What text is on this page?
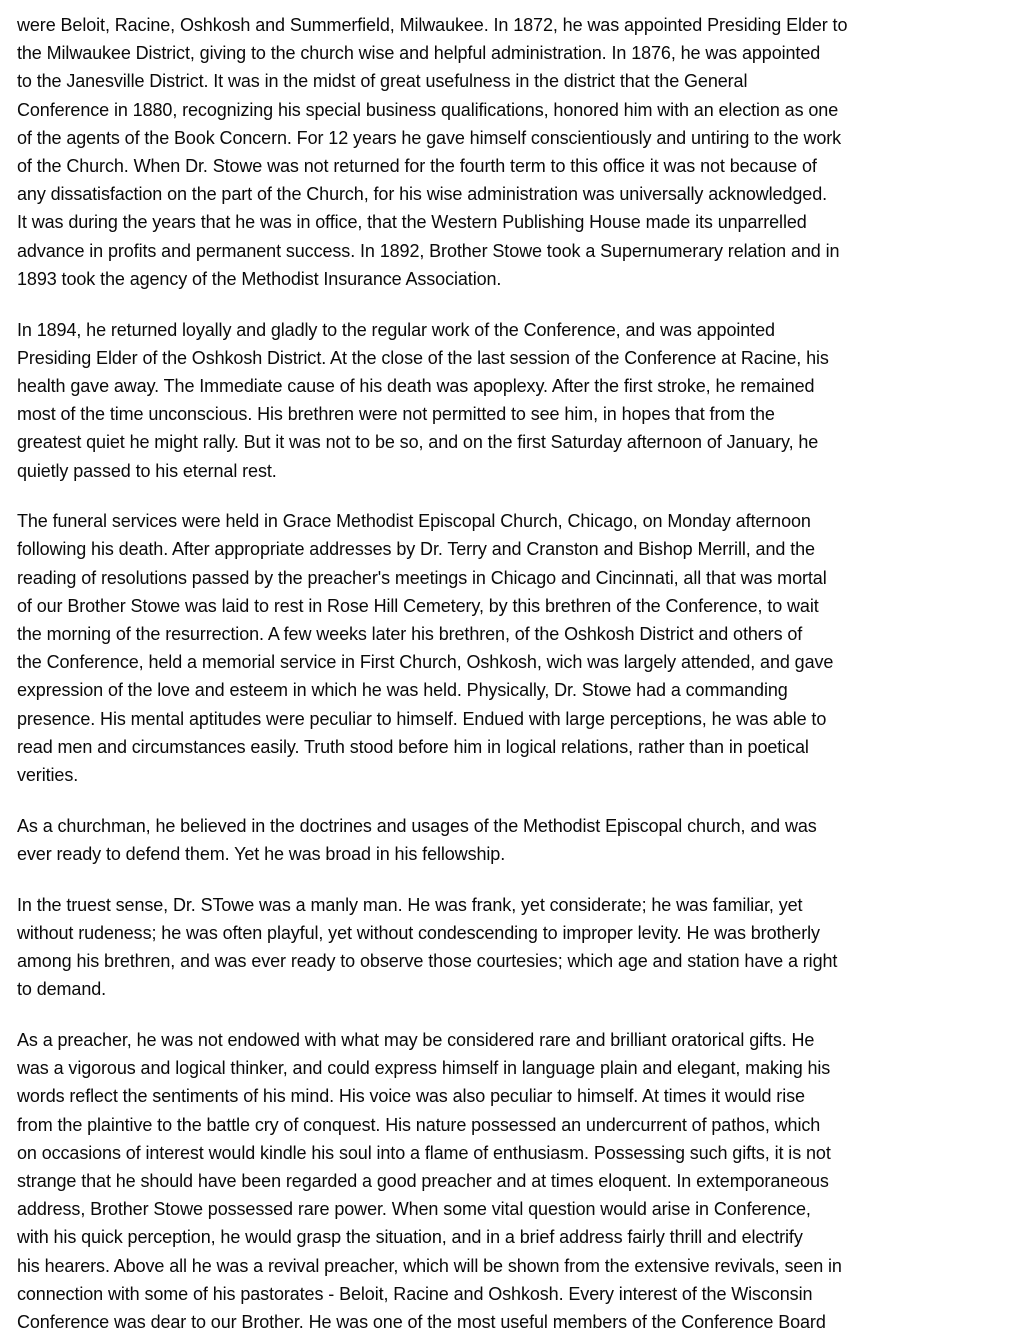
were Beloit, Racine, Oshkosh and Summerfield, Milwaukee. In 1872, he was appointed Presiding Elder to
the Milwaukee District, giving to the church wise and helpful administration. In 1876, he was appointed
to the Janesville District. It was in the midst of great usefulness in the district that the General
Conference in 1880, recognizing his special business qualifications, honored him with an election as one
of the agents of the Book Concern. For 12 years he gave himself conscientiously and untiring to the work
of the Church. When Dr. Stowe was not returned for the fourth term to this office it was not because of
any dissatisfaction on the part of the Church, for his wise administration was universally acknowledged.
It was during the years that he was in office, that the Western Publishing House made its unparrelled
advance in profits and permanent success. In 1892, Brother Stowe took a Supernumerary relation and in
1893 took the agency of the Methodist Insurance Association.
In 1894, he returned loyally and gladly to the regular work of the Conference, and was appointed
Presiding Elder of the Oshkosh District. At the close of the last session of the Conference at Racine, his
health gave away. The Immediate cause of his death was apoplexy. After the first stroke, he remained
most of the time unconscious. His brethren were not permitted to see him, in hopes that from the
greatest quiet he might rally. But it was not to be so, and on the first Saturday afternoon of January, he
quietly passed to his eternal rest.
The funeral services were held in Grace Methodist Episcopal Church, Chicago, on Monday afternoon
following his death. After appropriate addresses by Dr. Terry and Cranston and Bishop Merrill, and the
reading of resolutions passed by the preacher's meetings in Chicago and Cincinnati, all that was mortal
of our Brother Stowe was laid to rest in Rose Hill Cemetery, by this brethren of the Conference, to wait
the morning of the resurrection. A few weeks later his brethren, of the Oshkosh District and others of
the Conference, held a memorial service in First Church, Oshkosh, wich was largely attended, and gave
expression of the love and esteem in which he was held. Physically, Dr. Stowe had a commanding
presence. His mental aptitudes were peculiar to himself. Endued with large perceptions, he was able to
read men and circumstances easily. Truth stood before him in logical relations, rather than in poetical
verities.
As a churchman, he believed in the doctrines and usages of the Methodist Episcopal church, and was
ever ready to defend them. Yet he was broad in his fellowship.
In the truest sense, Dr. STowe was a manly man. He was frank, yet considerate; he was familiar, yet
without rudeness; he was often playful, yet without condescending to improper levity. He was brotherly
among his brethren, and was ever ready to observe those courtesies; which age and station have a right
to demand.
As a preacher, he was not endowed with what may be considered rare and brilliant oratorical gifts. He
was a vigorous and logical thinker, and could express himself in language plain and elegant, making his
words reflect the sentiments of his mind. His voice was also peculiar to himself. At times it would rise
from the plaintive to the battle cry of conquest. His nature possessed an undercurrent of pathos, which
on occasions of interest would kindle his soul into a flame of enthusiasm. Possessing such gifts, it is not
strange that he should have been regarded a good preacher and at times eloquent. In extemporaneous
address, Brother Stowe possessed rare power. When some vital question would arise in Conference,
with his quick perception, he would grasp the situation, and in a brief address fairly thrill and electrify
his hearers. Above all he was a revival preacher, which will be shown from the extensive revivals, seen in
connection with some of his pastorates - Beloit, Racine and Oshkosh. Every interest of the Wisconsin
Conference was dear to our Brother. He was one of the most useful members of the Conference Board
